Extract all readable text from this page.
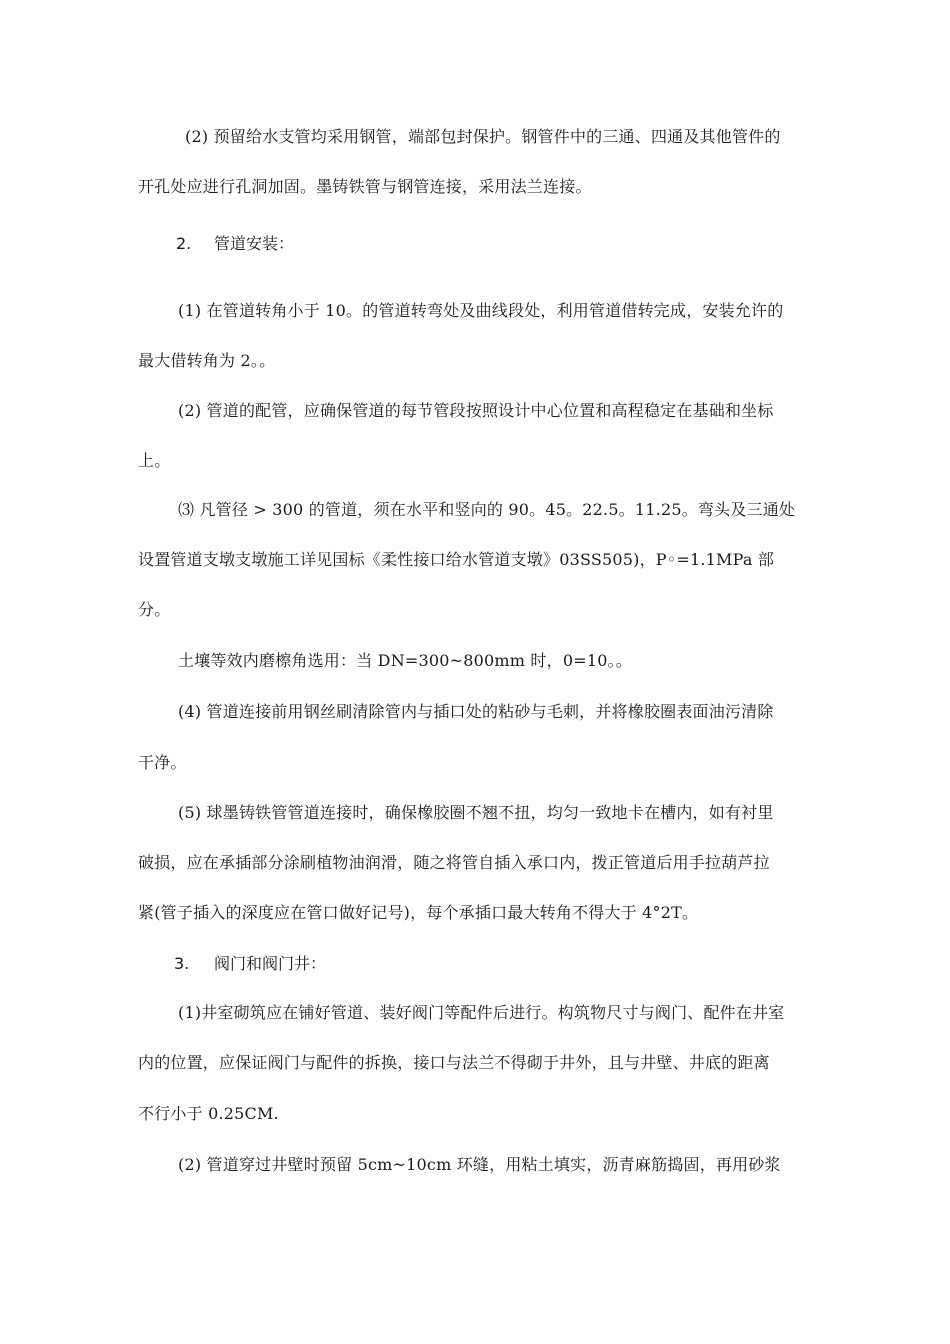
(2) 预留给水支管均采用钢管，端部包封保护。钢管件中的三通、四通及其他管件的
开孔处应进行孔洞加固。墨铸铁管与钢管连接，采用法兰连接。
2. 管道安装：
(1) 在管道转角小于 10。的管道转弯处及曲线段处，利用管道借转完成，安装允许的
最大借转角为 2。。
(2) 管道的配管，应确保管道的每节管段按照设计中心位置和高程稳定在基础和坐标
上。
⑶ 凡管径 > 300 的管道，须在水平和竖向的 90。45。22.5。11.25。弯头及三通处
设置管道支墩支墩施工详见国标《柔性接口给水管道支墩》03SS505)，P◦=1.1MPa 部
分。
土壤等效内磨檫角选用：当 DN=300~800mm 时，0=10。。
(4) 管道连接前用钢丝刷清除管内与插口处的粘砂与毛刺，并将橡胶圈表面油污清除
干净。
(5) 球墨铸铁管管道连接时，确保橡胶圈不翘不扭，均匀一致地卡在槽内，如有衬里
破损，应在承插部分涂刷植物油润滑，随之将管自插入承口内，拨正管道后用手拉葫芦拉
紧(管子插入的深度应在管口做好记号)，每个承插口最大转角不得大于 4°2T。
3. 阀门和阀门井：
(1)井室砌筑应在铺好管道、装好阀门等配件后进行。构筑物尺寸与阀门、配件在井室
内的位置，应保证阀门与配件的拆换，接口与法兰不得砌于井外，且与井壁、井底的距离
不行小于 0.25CM.
(2) 管道穿过井壁时预留 5cm~10cm 环缝，用粘土填实，沥青麻筋捣固，再用砂浆
